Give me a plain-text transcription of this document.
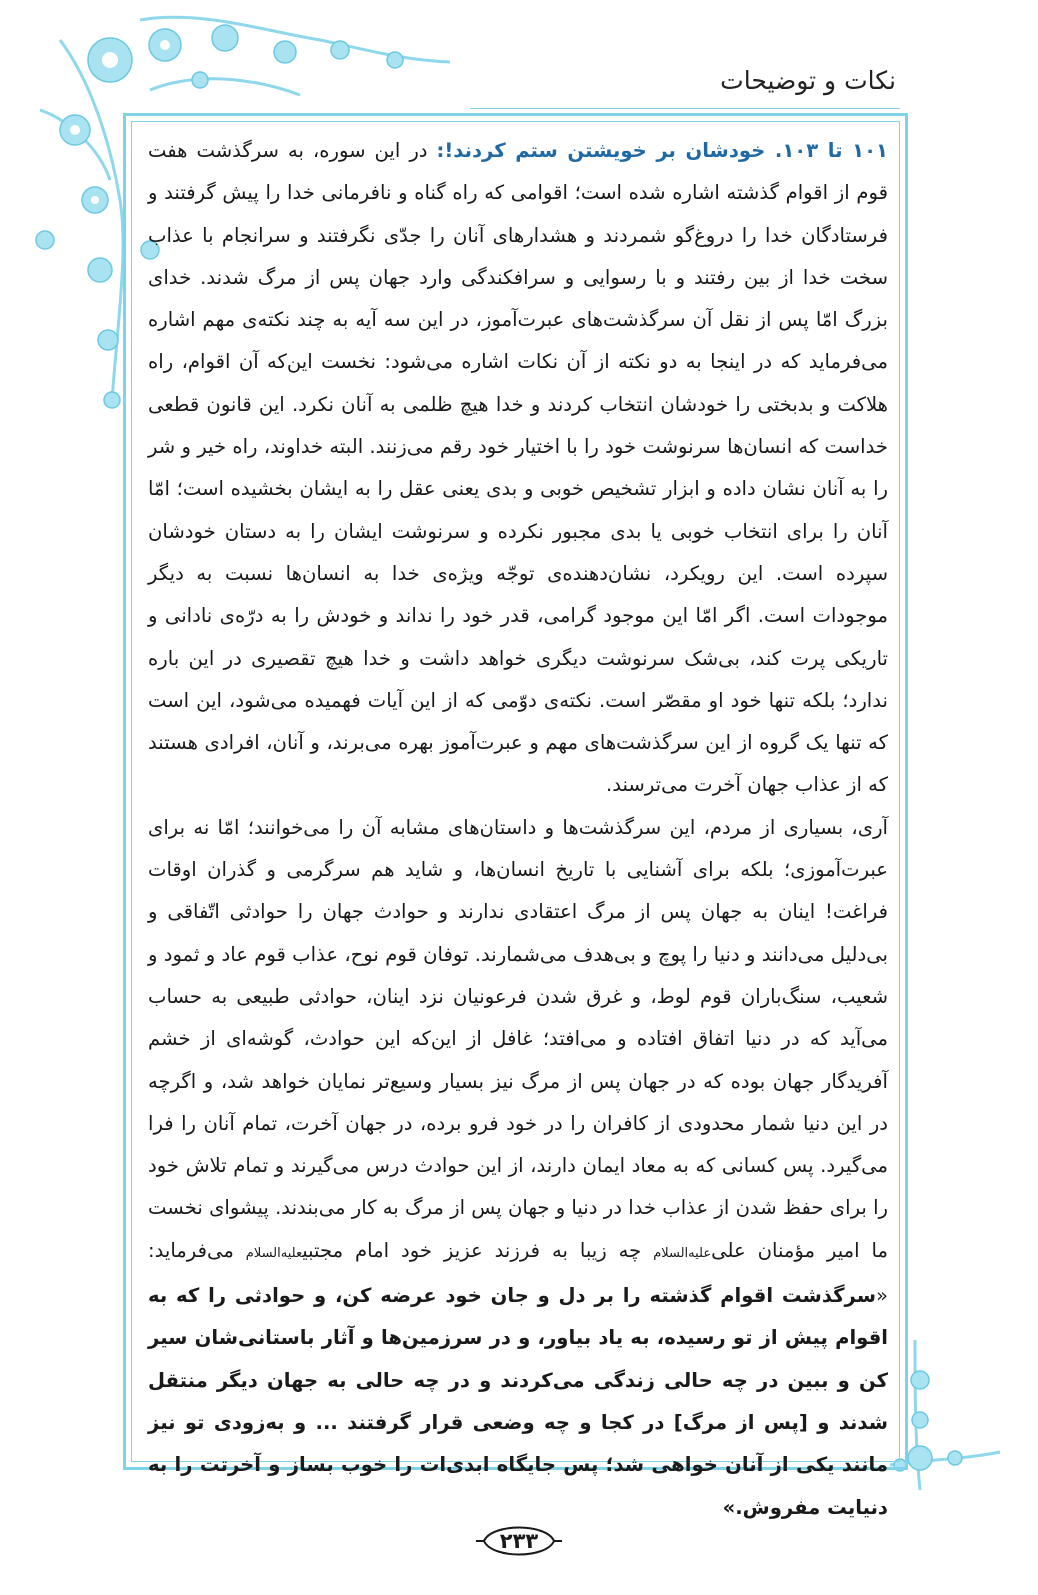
نکات و توضیحات

۱۰۱ تا ۱۰۳. خودشان بر خویشتن ستم کردند!: در این سوره، به سرگذشت هفت قوم از اقوام گذشته اشاره شده است؛ اقوامی که راه گناه و نافرمانی خدا را پیش گرفتند و فرستادگان خدا را دروغ‌گو شمردند و هشدارهای آنان را جدّی نگرفتند و سرانجام با عذاب سخت خدا از بین رفتند و با رسوایی و سرافکندگی وارد جهان پس از مرگ شدند. خدای بزرگ امّا پس از نقل آن سرگذشت‌های عبرت‌آموز، در این سه آیه به چند نکته‌ی مهم اشاره می‌فرماید که در اینجا به دو نکته از آن نکات اشاره می‌شود: نخست این‌که آن اقوام، راه هلاکت و بدبختی را خودشان انتخاب کردند و خدا هیچ ظلمی به آنان نکرد. این قانون قطعی خداست که انسان‌ها سرنوشت خود را با اختیار خود رقم می‌زنند. البته خداوند، راه خیر و شر را به آنان نشان داده و ابزار تشخیص خوبی و بدی یعنی عقل را به ایشان بخشیده است؛ امّا آنان را برای انتخاب خوبی یا بدی مجبور نکرده و سرنوشت ایشان را به دستان خودشان سپرده است. این رویکرد، نشان‌دهنده‌ی توجّه ویژه‌ی خدا به انسان‌ها نسبت به دیگر موجودات است. اگر امّا این موجود گرامی، قدر خود را نداند و خودش را به درّه‌ی نادانی و تاریکی پرت کند، بی‌شک سرنوشت دیگری خواهد داشت و خدا هیچ تقصیری در این باره ندارد؛ بلکه تنها خود او مقصّر است. نکته‌ی دوّمی که از این آیات فهمیده می‌شود، این است که تنها یک گروه از این سرگذشت‌های مهم و عبرت‌آموز بهره می‌برند، و آنان، افرادی هستند که از عذاب جهان آخرت می‌ترسند.

آری، بسیاری از مردم، این سرگذشت‌ها و داستان‌های مشابه آن را می‌خوانند؛ امّا نه برای عبرت‌آموزی؛ بلکه برای آشنایی با تاریخ انسان‌ها، و شاید هم سرگرمی و گذران اوقات فراغت! اینان به جهان پس از مرگ اعتقادی ندارند و حوادث جهان را حوادثی اتّفاقی و بی‌دلیل می‌دانند و دنیا را پوچ و بی‌هدف می‌شمارند. توفان قوم نوح، عذاب قوم عاد و ثمود و شعیب، سنگ‌باران قوم لوط، و غرق شدن فرعونیان نزد اینان، حوادثی طبیعی به حساب می‌آید که در دنیا اتفاق افتاده و می‌افتد؛ غافل از این‌که این حوادث، گوشه‌ای از خشم آفریدگار جهان بوده که در جهان پس از مرگ نیز بسیار وسیع‌تر نمایان خواهد شد، و اگرچه در این دنیا شمار محدودی از کافران را در خود فرو برده، در جهان آخرت، تمام آنان را فرا می‌گیرد. پس کسانی که به معاد ایمان دارند، از این حوادث درس می‌گیرند و تمام تلاش خود را برای حفظ شدن از عذاب خدا در دنیا و جهان پس از مرگ به کار می‌بندند. پیشوای نخست ما امیر مؤمنان علی‌علیه‌السلام چه زیبا به فرزند عزیز خود امام مجتبیعلیه‌السلام می‌فرماید: «سرگذشت اقوام گذشته را بر دل و جان خود عرضه کن، و حوادثی را که به اقوام پیش از تو رسیده، به یاد بیاور، و در سرزمین‌ها و آثار باستانی‌شان سیر کن و ببین در چه حالی زندگی می‌کردند و در چه حالی به جهان دیگر منتقل شدند و [پس از مرگ] در کجا و چه وضعی قرار گرفتند ... و به‌زودی تو نیز مانند یکی از آنان خواهی شد؛ پس جایگاه ابدی‌ات را خوب بساز و آخرتت را به دنیایت مفروش.»

۲۳۳
